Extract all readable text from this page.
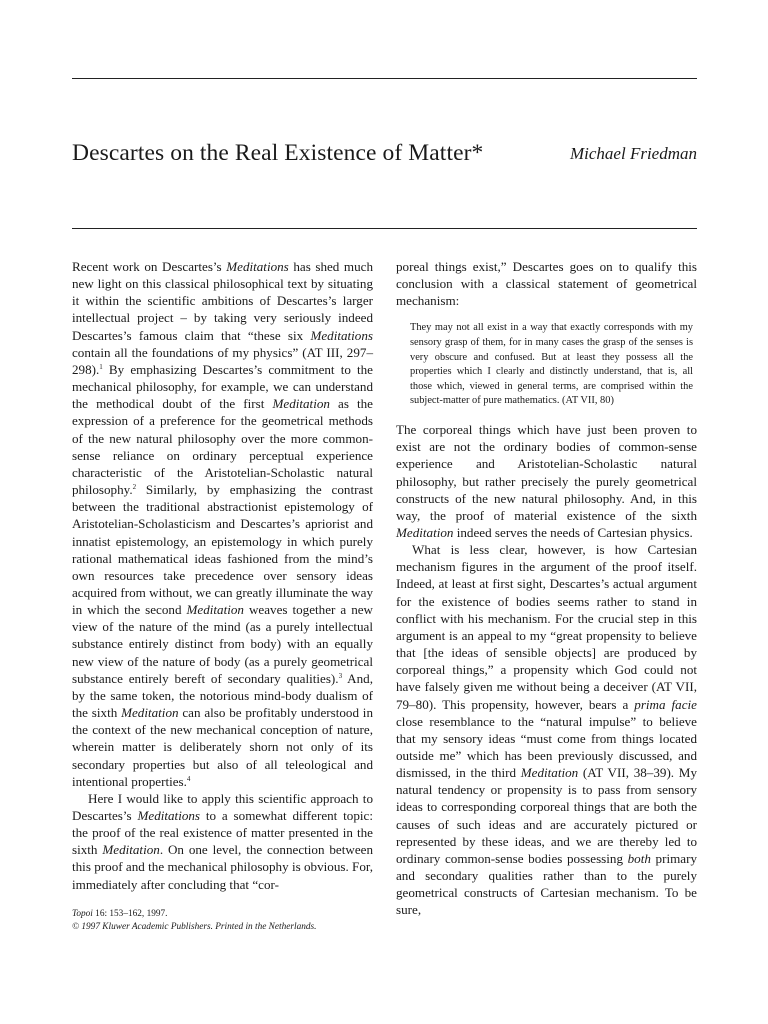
Descartes on the Real Existence of Matter*	Michael Friedman

Recent work on Descartes’s Meditations has shed much new light on this classical philosophical text by situating it within the scientific ambitions of Descartes’s larger intellectual project – by taking very seriously indeed Descartes’s famous claim that “these six Meditations contain all the foundations of my physics” (AT III, 297–298).$^1$ By emphasizing Descartes’s commitment to the mechanical philosophy, for example, we can understand the methodical doubt of the first Meditation as the expression of a preference for the geometrical methods of the new natural philosophy over the more common-sense reliance on ordinary perceptual experience characteristic of the Aristotelian-Scholastic natural philosophy.$^2$ Similarly, by emphasizing the contrast between the traditional abstractionist epistemology of Aristotelian-Scholasticism and Descartes’s apriorist and innatist epistemology, an epistemology in which purely rational mathematical ideas fashioned from the mind’s own resources take precedence over sensory ideas acquired from without, we can greatly illuminate the way in which the second Meditation weaves together a new view of the nature of the mind (as a purely intellectual substance entirely distinct from body) with an equally new view of the nature of body (as a purely geometrical substance entirely bereft of secondary qualities).$^3$ And, by the same token, the notorious mind-body dualism of the sixth Meditation can also be profitably understood in the context of the new mechanical conception of nature, wherein matter is deliberately shorn not only of its secondary properties but also of all teleological and intentional properties.$^4$

Here I would like to apply this scientific approach to Descartes’s Meditations to a somewhat different topic: the proof of the real existence of matter presented in the sixth Meditation. On one level, the connection between this proof and the mechanical philosophy is obvious. For, immediately after concluding that “cor-

poreal things exist,” Descartes goes on to qualify this conclusion with a classical statement of geometrical mechanism:

They may not all exist in a way that exactly corresponds with my sensory grasp of them, for in many cases the grasp of the senses is very obscure and confused. But at least they possess all the properties which I clearly and distinctly understand, that is, all those which, viewed in general terms, are comprised within the subject-matter of pure mathematics. (AT VII, 80)

The corporeal things which have just been proven to exist are not the ordinary bodies of common-sense experience and Aristotelian-Scholastic natural philosophy, but rather precisely the purely geometrical constructs of the new natural philosophy. And, in this way, the proof of material existence of the sixth Meditation indeed serves the needs of Cartesian physics.

What is less clear, however, is how Cartesian mechanism figures in the argument of the proof itself. Indeed, at least at first sight, Descartes’s actual argument for the existence of bodies seems rather to stand in conflict with his mechanism. For the crucial step in this argument is an appeal to my “great propensity to believe that [the ideas of sensible objects] are produced by corporeal things,” a propensity which God could not have falsely given me without being a deceiver (AT VII, 79–80). This propensity, however, bears a prima facie close resemblance to the “natural impulse” to believe that my sensory ideas “must come from things located outside me” which has been previously discussed, and dismissed, in the third Meditation (AT VII, 38–39). My natural tendency or propensity is to pass from sensory ideas to corresponding corporeal things that are both the causes of such ideas and are accurately pictured or represented by these ideas, and we are thereby led to ordinary common-sense bodies possessing both primary and secondary qualities rather than to the purely geometrical constructs of Cartesian mechanism. To be sure,

Topoi 16: 153–162, 1997.
© 1997 Kluwer Academic Publishers. Printed in the Netherlands.
